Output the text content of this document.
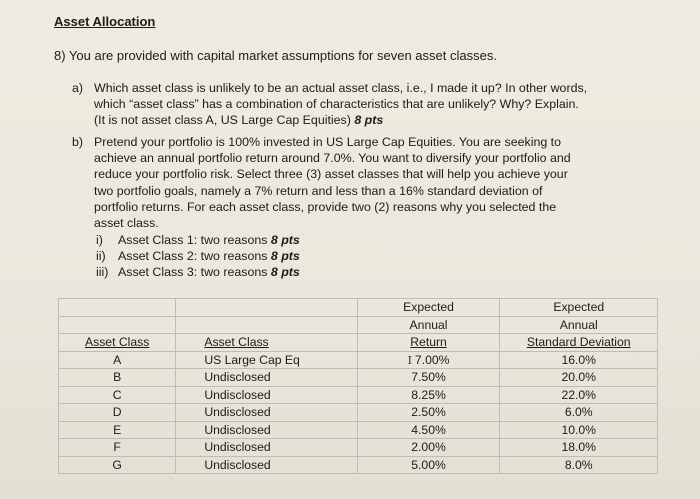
Asset Allocation
8) You are provided with capital market assumptions for seven asset classes.
a) Which asset class is unlikely to be an actual asset class, i.e., I made it up? In other words,
which “asset class” has a combination of characteristics that are unlikely? Why? Explain.
(It is not asset class A, US Large Cap Equities) 8 pts
b) Pretend your portfolio is 100% invested in US Large Cap Equities. You are seeking to
achieve an annual portfolio return around 7.0%. You want to diversify your portfolio and
reduce your portfolio risk. Select three (3) asset classes that will help you achieve your
two portfolio goals, namely a 7% return and less than a 16% standard deviation of
portfolio returns. For each asset class, provide two (2) reasons why you selected the
asset class.
i) Asset Class 1: two reasons 8 pts
ii) Asset Class 2: two reasons 8 pts
iii) Asset Class 3: two reasons 8 pts
		Expected	Expected
		Annual	Annual
Asset Class	Asset Class	Return	Standard Deviation
A	US Large Cap Eq	I 7.00%	16.0%
B	Undisclosed	7.50%	20.0%
C	Undisclosed	8.25%	22.0%
D	Undisclosed	2.50%	6.0%
E	Undisclosed	4.50%	10.0%
F	Undisclosed	2.00%	18.0%
G	Undisclosed	5.00%	8.0%
